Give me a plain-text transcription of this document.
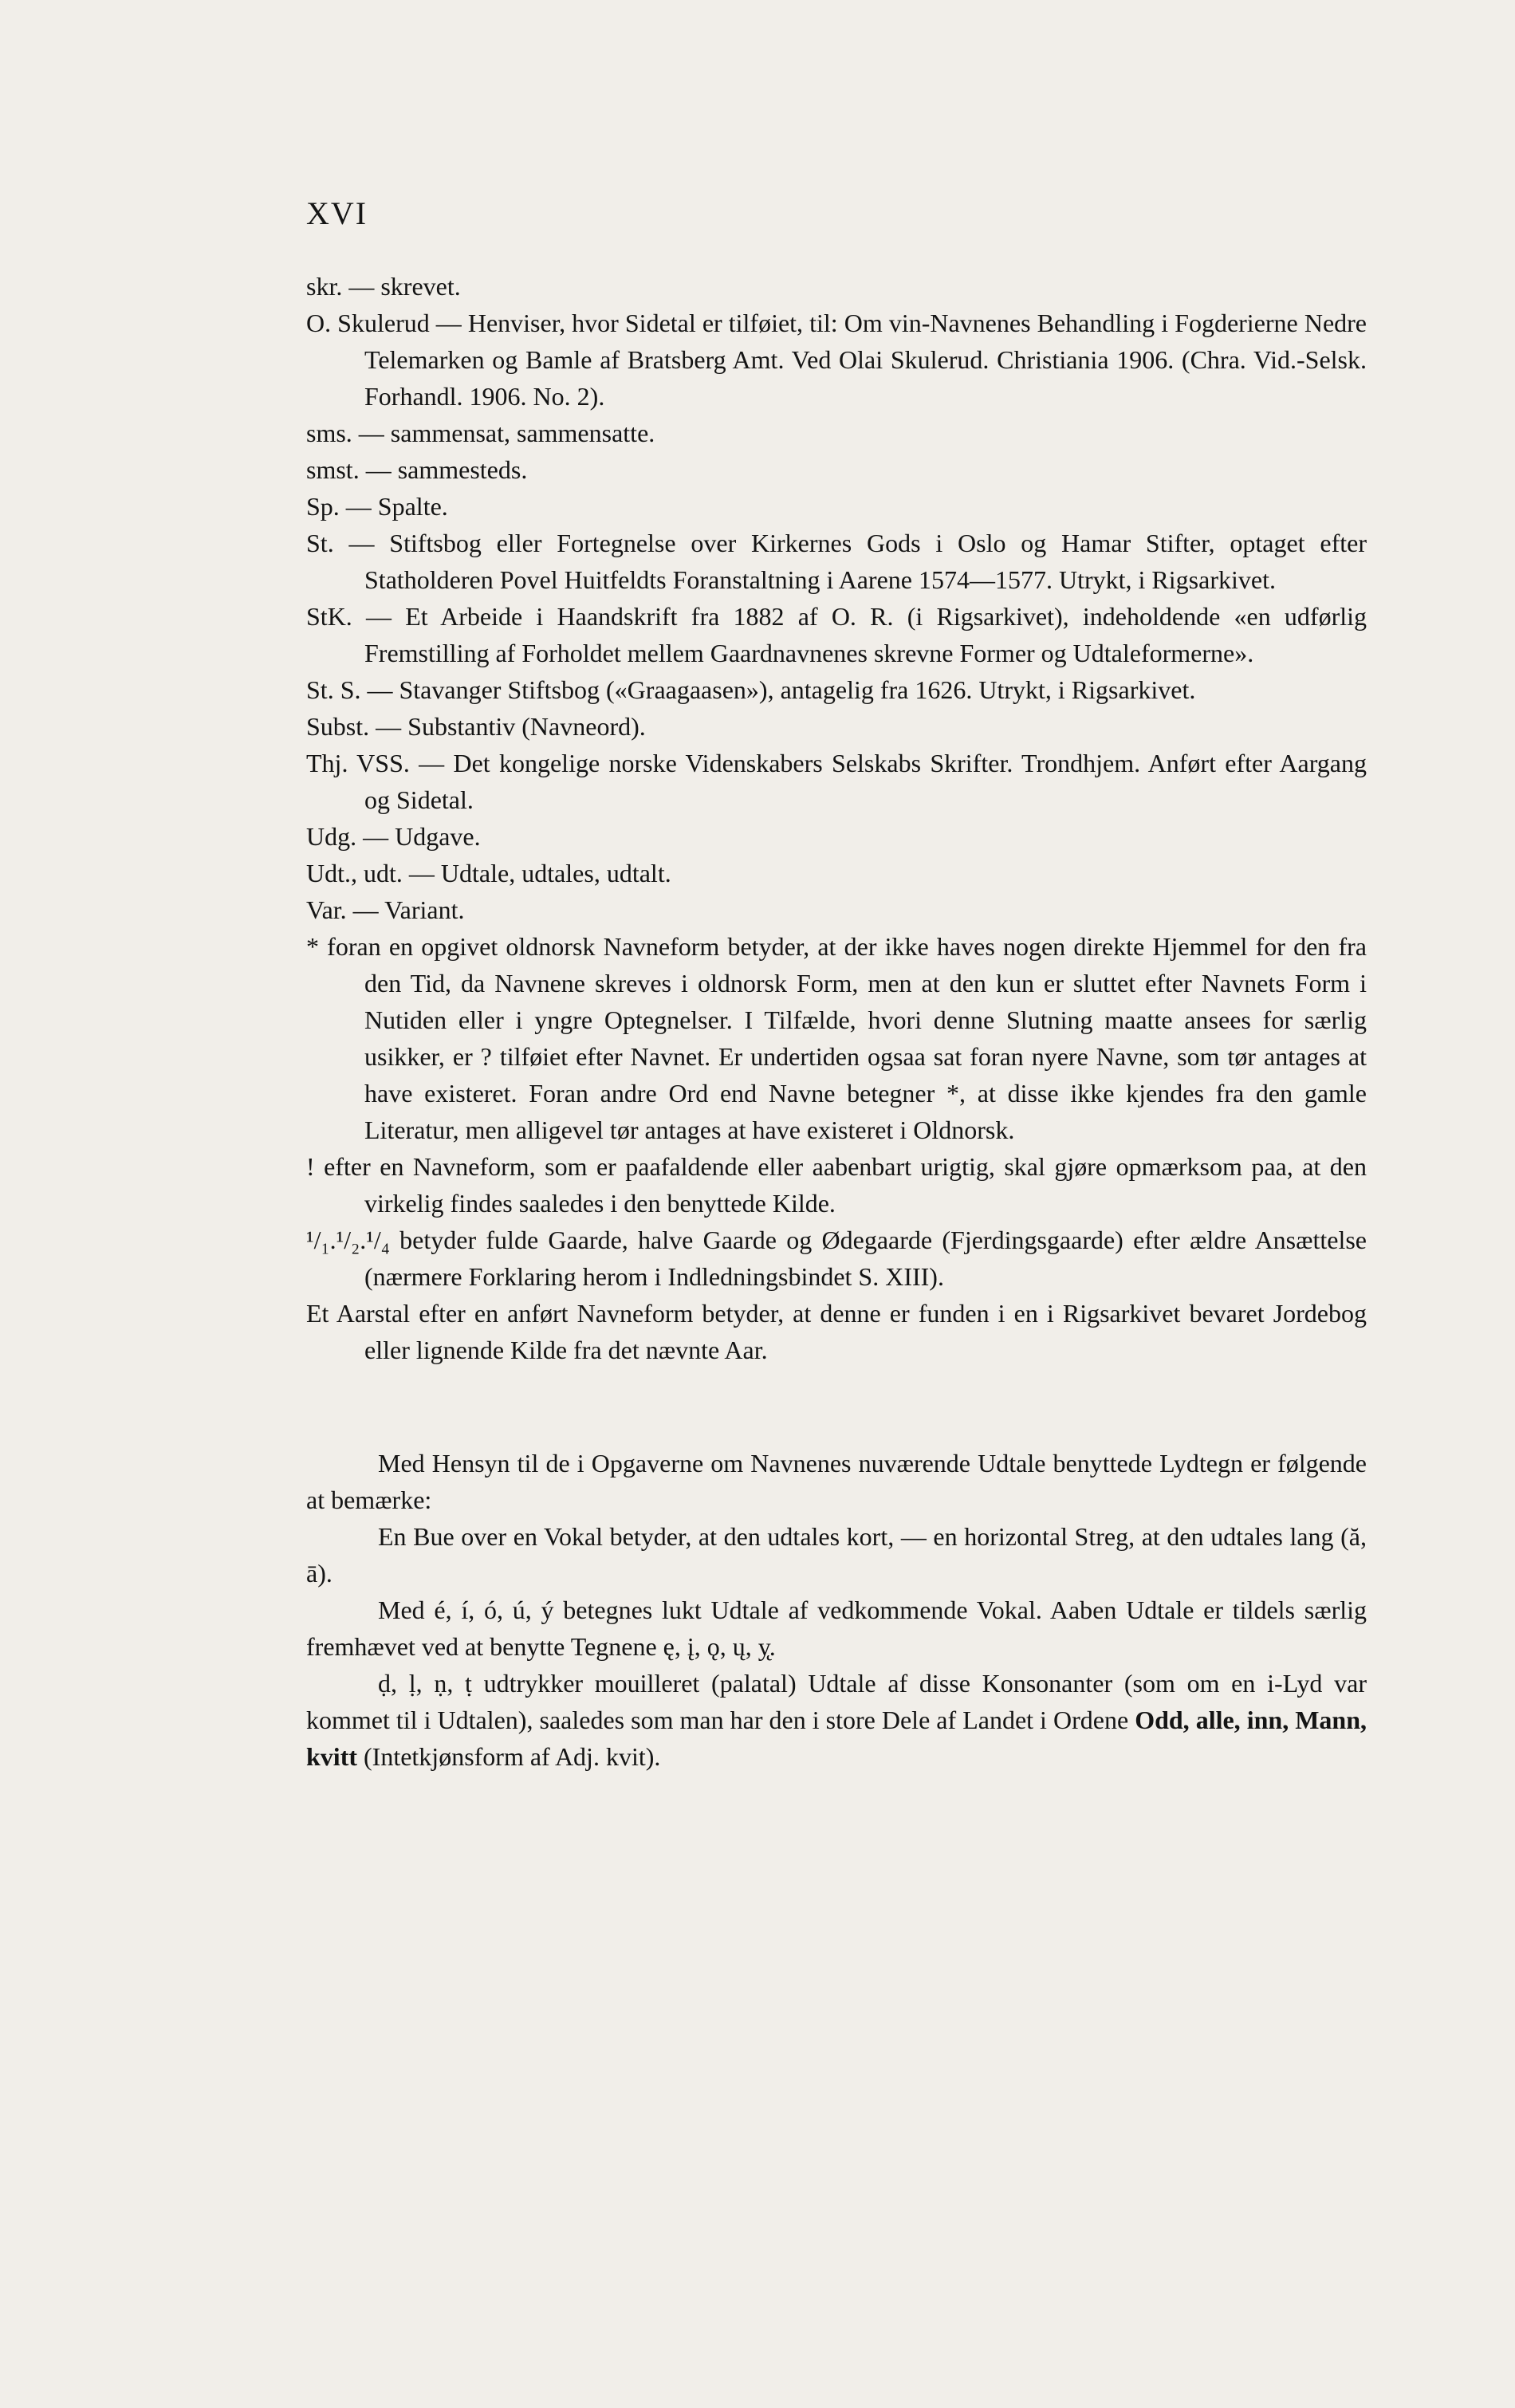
XVI

skr. — skrevet.

O. Skulerud — Henviser, hvor Sidetal er tilføiet, til: Om vin-Navnenes Behandling i Fogderierne Nedre Telemarken og Bamle af Bratsberg Amt. Ved Olai Skulerud. Christiania 1906. (Chra. Vid.-Selsk. Forhandl. 1906. No. 2).

sms. — sammensat, sammensatte.

smst. — sammesteds.

Sp. — Spalte.

St. — Stiftsbog eller Fortegnelse over Kirkernes Gods i Oslo og Hamar Stifter, optaget efter Statholderen Povel Huitfeldts Foranstaltning i Aarene 1574—1577. Utrykt, i Rigsarkivet.

StK. — Et Arbeide i Haandskrift fra 1882 af O. R. (i Rigsarkivet), indeholdende «en udførlig Fremstilling af Forholdet mellem Gaardnavnenes skrevne Former og Udtaleformerne».

St. S. — Stavanger Stiftsbog («Graagaasen»), antagelig fra 1626. Utrykt, i Rigsarkivet.

Subst. — Substantiv (Navneord).

Thj. VSS. — Det kongelige norske Videnskabers Selskabs Skrifter. Trondhjem. Anført efter Aargang og Sidetal.

Udg. — Udgave.

Udt., udt. — Udtale, udtales, udtalt.

Var. — Variant.

* foran en opgivet oldnorsk Navneform betyder, at der ikke haves nogen direkte Hjemmel for den fra den Tid, da Navnene skreves i oldnorsk Form, men at den kun er sluttet efter Navnets Form i Nutiden eller i yngre Optegnelser. I Tilfælde, hvori denne Slutning maatte ansees for særlig usikker, er ? tilføiet efter Navnet. Er undertiden ogsaa sat foran nyere Navne, som tør antages at have existeret. Foran andre Ord end Navne betegner *, at disse ikke kjendes fra den gamle Literatur, men alligevel tør antages at have existeret i Oldnorsk.

! efter en Navneform, som er paafaldende eller aabenbart urigtig, skal gjøre opmærksom paa, at den virkelig findes saaledes i den benyttede Kilde.

¹/₁.¹/₂.¹/₄ betyder fulde Gaarde, halve Gaarde og Ødegaarde (Fjerdingsgaarde) efter ældre Ansættelse (nærmere Forklaring herom i Indledningsbindet S. XIII).

Et Aarstal efter en anført Navneform betyder, at denne er funden i en i Rigsarkivet bevaret Jordebog eller lignende Kilde fra det nævnte Aar.

Med Hensyn til de i Opgaverne om Navnenes nuværende Udtale benyttede Lydtegn er følgende at bemærke:

En Bue over en Vokal betyder, at den udtales kort, — en horizontal Streg, at den udtales lang (ă, ā).

Med é, í, ó, ú, ý betegnes lukt Udtale af vedkommende Vokal. Aaben Udtale er tildels særlig fremhævet ved at benytte Tegnene ę, į, ǫ, ų, y̨.

ḍ, ḷ, ṇ, ṭ udtrykker mouilleret (palatal) Udtale af disse Konsonanter (som om en i-Lyd var kommet til i Udtalen), saaledes som man har den i store Dele af Landet i Ordene Odd, alle, inn, Mann, kvitt (Intetkjønsform af Adj. kvit).
